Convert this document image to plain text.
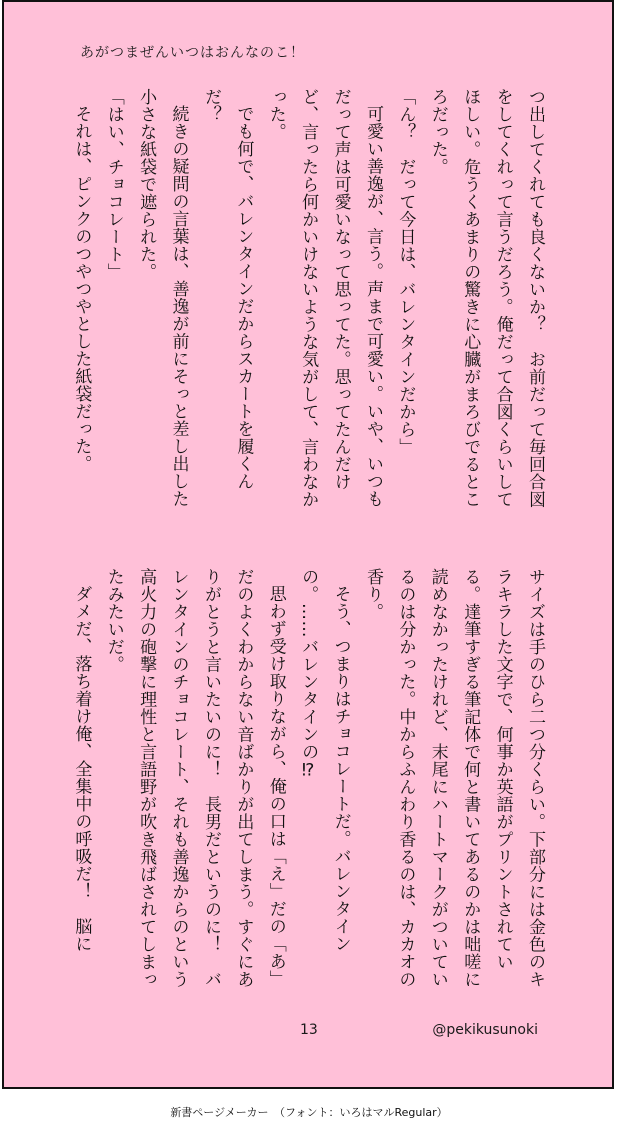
あがつまぜんいつはおんなのこ！

つ出してくれても良くないか？　お前だって毎回合図をしてくれって言うだろう。俺だって合図くらいしてほしい。危うくあまりの驚きに心臓がまろびでるところだった。

「ん？　だって今日は、バレンタインだから」

可愛い善逸が、言う。声まで可愛い。いや、いつもだって声は可愛いなって思ってた。思ってたんだけど、言ったら何かいけないような気がして、言わなかった。

でも何で、バレンタインだからスカートを履くんだ？

続きの疑問の言葉は、善逸が前にそっと差し出した小さな紙袋で遮られた。

「はい、チョコレート」

それは、ピンクのつやつやとした紙袋だった。

サイズは手のひら二つ分くらい。下部分には金色のキラキラした文字で、何事か英語がプリントされている。達筆すぎる筆記体で何と書いてあるのかは咄嗟に読めなかったけれど、末尾にハートマークがついているのは分かった。中からふんわり香るのは、カカオの香り。

そう、つまりはチョコレートだ。バレンタインの。……バレンタインの⁉

思わず受け取りながら、俺の口は「え」だの「あ」だのよくわからない音ばかりが出てしまう。すぐにありがとうと言いたいのに！　長男だというのに！　バレンタインのチョコレート、それも善逸からのという高火力の砲撃に理性と言語野が吹き飛ばされてしまったみたいだ。

ダメだ、落ち着け俺、全集中の呼吸だ！　脳に

13	@pekikusunoki
新書ページメーカー　（フォント：いろはマルRegular）
